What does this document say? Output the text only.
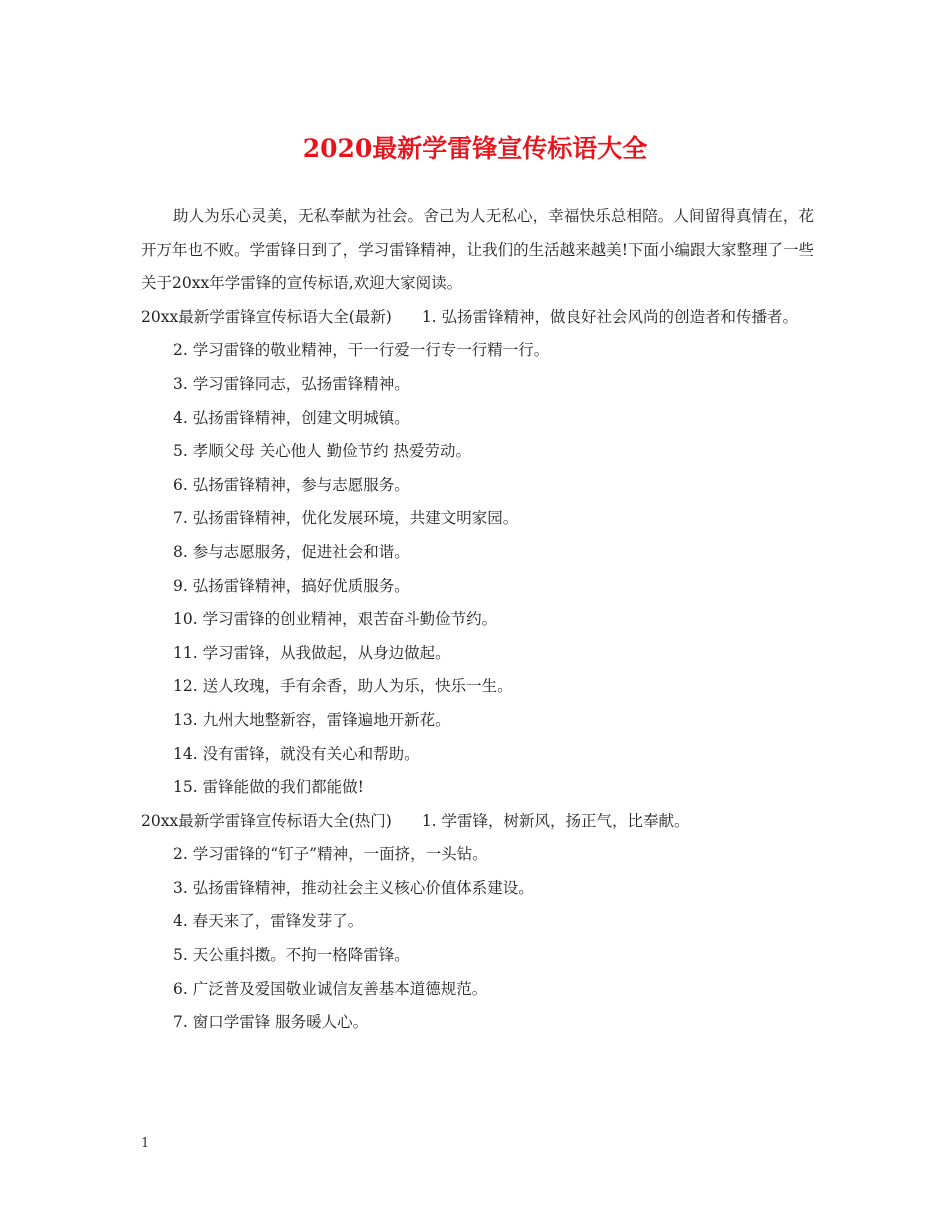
2020最新学雷锋宣传标语大全

助人为乐心灵美，无私奉献为社会。舍己为人无私心，幸福快乐总相陪。人间留得真情在，花开万年也不败。学雷锋日到了，学习雷锋精神，让我们的生活越来越美!下面小编跟大家整理了一些关于20xx年学雷锋的宣传标语,欢迎大家阅读。

20xx最新学雷锋宣传标语大全(最新) 1. 弘扬雷锋精神，做良好社会风尚的创造者和传播者。

2. 学习雷锋的敬业精神，干一行爱一行专一行精一行。
3. 学习雷锋同志，弘扬雷锋精神。
4. 弘扬雷锋精神，创建文明城镇。
5. 孝顺父母 关心他人 勤俭节约 热爱劳动。
6. 弘扬雷锋精神，参与志愿服务。
7. 弘扬雷锋精神，优化发展环境，共建文明家园。
8. 参与志愿服务，促进社会和谐。
9. 弘扬雷锋精神，搞好优质服务。
10. 学习雷锋的创业精神，艰苦奋斗勤俭节约。
11. 学习雷锋，从我做起，从身边做起。
12. 送人玫瑰，手有余香，助人为乐，快乐一生。
13. 九州大地整新容，雷锋遍地开新花。
14. 没有雷锋，就没有关心和帮助。
15. 雷锋能做的我们都能做!

20xx最新学雷锋宣传标语大全(热门) 1. 学雷锋，树新风，扬正气，比奉献。

2. 学习雷锋的“钉子”精神，一面挤，一头钻。
3. 弘扬雷锋精神，推动社会主义核心价值体系建设。
4. 春天来了，雷锋发芽了。
5. 天公重抖擞。不拘一格降雷锋。
6. 广泛普及爱国敬业诚信友善基本道德规范。
7. 窗口学雷锋 服务暖人心。
1
